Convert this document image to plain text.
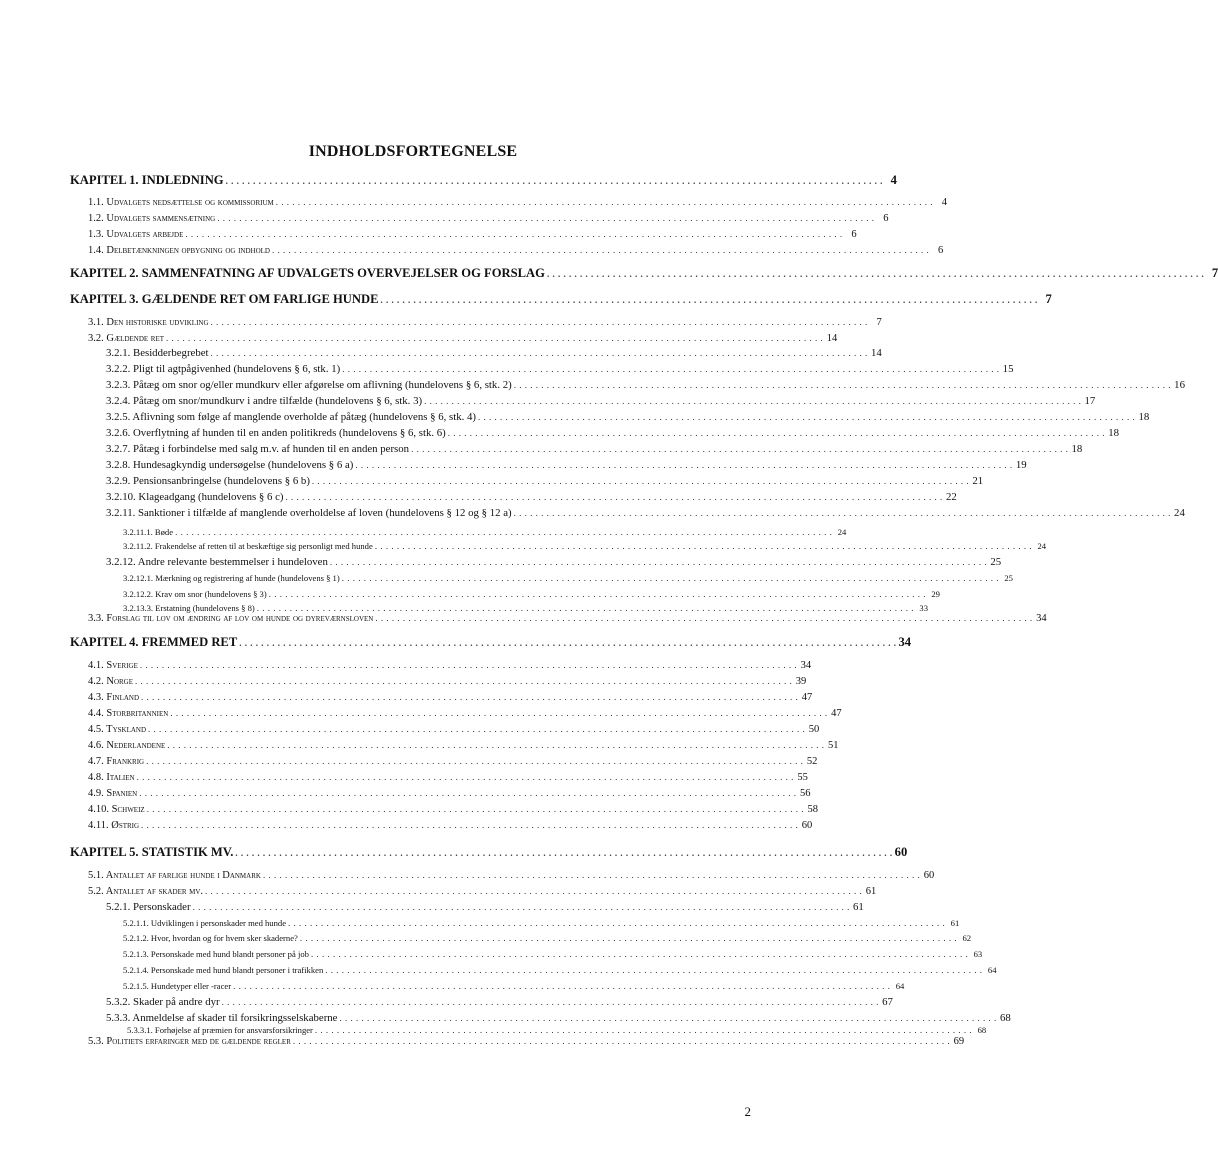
INDHOLDSFORTEGNELSE
KAPITEL 1. INDLEDNING . . . . . . . . . . . . . . . . . . . . . . . . . . . . . . . . . . . . . . . . . . . . . . . . . . . . . . . . . . . . . . . . . . . . . . . . . . . . . . . . . . . . . . . . . . . . . . . . . . . . . . . . . . . . . . . . . . . . . . . . 4
1.1. Udvalgets nedsættelse og kommissorium . . . . . . . . . . . . . . . . . . . . . . . . . . . . . . . . . . . . . . . . . . . . . . . . . . . . . . . . . . . . . . . . . . . . . . . . . . . . . . . . . . . . . . . . . . . . . . . . . . . . . . . . . . . . . . . . . . . . . . . . 4
1.2. Udvalgets sammensætning . . . . . . . . . . . . . . . . . . . . . . . . . . . . . . . . . . . . . . . . . . . . . . . . . . . . . . . . . . . . . . . . . . . . . . . . . . . . . . . . . . . . . . . . . . . . . . . . . . . . . . . . . . . . . . . . . . . . . . . . 6
1.3. Udvalgets arbejde . . . . . . . . . . . . . . . . . . . . . . . . . . . . . . . . . . . . . . . . . . . . . . . . . . . . . . . . . . . . . . . . . . . . . . . . . . . . . . . . . . . . . . . . . . . . . . . . . . . . . . . . . . . . . . . . . . . . . . . . 6
1.4. Delbetænkningen opbygning og indhold . . . . . . . . . . . . . . . . . . . . . . . . . . . . . . . . . . . . . . . . . . . . . . . . . . . . . . . . . . . . . . . . . . . . . . . . . . . . . . . . . . . . . . . . . . . . . . . . . . . . . . . . . . . . . . . . . . . . . . . . 6
KAPITEL 2. SAMMENFATNING AF UDVALGETS OVERVEJELSER OG FORSLAG . . . . . . . . . . . . . . . . . . . . . . . . . . . . . . . . . . . . . . . . . . . . . . . . . . . . . . . . . . . . . . . . . . . . . . . . . . . . . . . . . . . . . . . . . . . . . . . . . . . . . . . . . . . . . . . . . . . . . . . . 7
KAPITEL 3. GÆLDENDE RET OM FARLIGE HUNDE . . . . . . . . . . . . . . . . . . . . . . . . . . . . . . . . . . . . . . . . . . . . . . . . . . . . . . . . . . . . . . . . . . . . . . . . . . . . . . . . . . . . . . . . . . . . . . . . . . . . . . . . . . . . . . . . . . . . . . . . 7
3.1. Den historiske udvikling . . . . . . . . . . . . . . . . . . . . . . . . . . . . . . . . . . . . . . . . . . . . . . . . . . . . . . . . . . . . . . . . . . . . . . . . . . . . . . . . . . . . . . . . . . . . . . . . . . . . . . . . . . . . . . . . . . . . . . . . 7
3.2. Gældende ret . . . . . . . . . . . . . . . . . . . . . . . . . . . . . . . . . . . . . . . . . . . . . . . . . . . . . . . . . . . . . . . . . . . . . . . . . . . . . . . . . . . . . . . . . . . . . . . . . . . . . . . . . . . . . . . . . . . . . . . . 14
3.2.1. Besidderbegrebet . . . . . . . . . . . . . . . . . . . . . . . . . . . . . . . . . . . . . . . . . . . . . . . . . . . . . . . . . . . . . . . . . . . . . . . . . . . . . . . . . . . . . . . . . . . . . . . . . . . . . . . . . . . . . . . . . . . . . . . . 14
3.2.2. Pligt til agtpågivenhed (hundelovens § 6, stk. 1) . . . . . . . . . . . . . . . . . . . . . . . . . . . . . . . . . . . . . . . . . . . . . . . . . . . . . . . . . . . . . . . . . . . . . . . . . . . . . . . . . . . . . . . . . . . . . . . . . . . . . . . . . . . . . . . . . . . . . . . . 15
3.2.3. Påtæg om snor og/eller mundkurv eller afgørelse om aflivning (hundelovens § 6, stk. 2) . . . . . . . . . . . . . . . . . . . . . . . . . . . . . . . . . . . . . . . . . . . . . . . . . . . . . . . . . . . . . . . . . . . . . . . . . . . . . . . . . . . . . . . . . . . . . . . . . . . . . . . . . . . . . . . . . . . . . . . . 16
3.2.4. Påtæg om snor/mundkurv i andre tilfælde (hundelovens § 6, stk. 3) . . . . . . . . . . . . . . . . . . . . . . . . . . . . . . . . . . . . . . . . . . . . . . . . . . . . . . . . . . . . . . . . . . . . . . . . . . . . . . . . . . . . . . . . . . . . . . . . . . . . . . . . . . . . . . . . . . . . . . . . 17
3.2.5. Aflivning som følge af manglende overholde af påtæg (hundelovens § 6, stk. 4) . . . . . . . . . . . . . . . . . . . . . . . . . . . . . . . . . . . . . . . . . . . . . . . . . . . . . . . . . . . . . . . . . . . . . . . . . . . . . . . . . . . . . . . . . . . . . . . . . . . . . . . . . . . . . . . . . . . . . . . . 18
3.2.6. Overflytning af hunden til en anden politikreds (hundelovens § 6, stk. 6) . . . . . . . . . . . . . . . . . . . . . . . . . . . . . . . . . . . . . . . . . . . . . . . . . . . . . . . . . . . . . . . . . . . . . . . . . . . . . . . . . . . . . . . . . . . . . . . . . . . . . . . . . . . . . . . . . . . . . . . . 18
3.2.7. Påtæg i forbindelse med salg m.v. af hunden til en anden person . . . . . . . . . . . . . . . . . . . . . . . . . . . . . . . . . . . . . . . . . . . . . . . . . . . . . . . . . . . . . . . . . . . . . . . . . . . . . . . . . . . . . . . . . . . . . . . . . . . . . . . . . . . . . . . . . . . . . . . . 18
3.2.8. Hundesagkyndig undersøgelse (hundelovens § 6 a) . . . . . . . . . . . . . . . . . . . . . . . . . . . . . . . . . . . . . . . . . . . . . . . . . . . . . . . . . . . . . . . . . . . . . . . . . . . . . . . . . . . . . . . . . . . . . . . . . . . . . . . . . . . . . . . . . . . . . . . . 19
3.2.9. Pensionsanbringelse (hundelovens § 6 b) . . . . . . . . . . . . . . . . . . . . . . . . . . . . . . . . . . . . . . . . . . . . . . . . . . . . . . . . . . . . . . . . . . . . . . . . . . . . . . . . . . . . . . . . . . . . . . . . . . . . . . . . . . . . . . . . . . . . . . . . 21
3.2.10. Klageadgang (hundelovens § 6 c) . . . . . . . . . . . . . . . . . . . . . . . . . . . . . . . . . . . . . . . . . . . . . . . . . . . . . . . . . . . . . . . . . . . . . . . . . . . . . . . . . . . . . . . . . . . . . . . . . . . . . . . . . . . . . . . . . . . . . . . . 22
3.2.11. Sanktioner i tilfælde af manglende overholdelse af loven (hundelovens § 12 og § 12 a) . . . . . . . . . . . . . . . . . . . . . . . . . . . . . . . . . . . . . . . . . . . . . . . . . . . . . . . . . . . . . . . . . . . . . . . . . . . . . . . . . . . . . . . . . . . . . . . . . . . . . . . . . . . . . . . . . . . . . . . . 24
3.2.11.1. Bøde . . . . . . . . . . . . . . . . . . . . . . . . . . . . . . . . . . . . . . . . . . . . . . . . . . . . . . . . . . . . . . . . . . . . . . . . . . . . . . . . . . . . . . . . . . . . . . . . . . . . . . . . . . . . . . . . . . . . . . . . 24
3.2.11.2. Frakendelse af retten til at beskæftige sig personligt med hunde . . . . . . . . . . . . . . . . . . . . . . . . . . . . . . . . . . . . . . . . . . . . . . . . . . . . . . . . . . . . . . . . . . . . . . . . . . . . . . . . . . . . . . . . . . . . . . . . . . . . . . . . . . . . . . . . . . . . . . . . 24
3.2.12. Andre relevante bestemmelser i hundeloven . . . . . . . . . . . . . . . . . . . . . . . . . . . . . . . . . . . . . . . . . . . . . . . . . . . . . . . . . . . . . . . . . . . . . . . . . . . . . . . . . . . . . . . . . . . . . . . . . . . . . . . . . . . . . . . . . . . . . . . . 25
3.2.12.1. Mærkning og registrering af hunde (hundelovens § 1) . . . . . . . . . . . . . . . . . . . . . . . . . . . . . . . . . . . . . . . . . . . . . . . . . . . . . . . . . . . . . . . . . . . . . . . . . . . . . . . . . . . . . . . . . . . . . . . . . . . . . . . . . . . . . . . . . . . . . . . . 25
3.2.12.2. Krav om snor (hundelovens § 3) . . . . . . . . . . . . . . . . . . . . . . . . . . . . . . . . . . . . . . . . . . . . . . . . . . . . . . . . . . . . . . . . . . . . . . . . . . . . . . . . . . . . . . . . . . . . . . . . . . . . . . . . . . . . . . . . . . . . . . . . 29
3.2.13.3. Erstatning (hundelovens § 8) . . . . . . . . . . . . . . . . . . . . . . . . . . . . . . . . . . . . . . . . . . . . . . . . . . . . . . . . . . . . . . . . . . . . . . . . . . . . . . . . . . . . . . . . . . . . . . . . . . . . . . . . . . . . . . . . . . . . . . . . 33
3.3. Forslag til lov om ændring af lov om hunde og dyreværnsloven . . . . . . . . . . . . . . . . . . . . . . . . . . . . . . . . . . . . . . . . . . . . . . . . . . . . . . . . . . . . . . . . . . . . . . . . . . . . . . . . . . . . . . . . . . . . . . . . . . . . . . . . . . . . . . . . . . . . . . . . 34
KAPITEL 4. FREMMED RET . . . . . . . . . . . . . . . . . . . . . . . . . . . . . . . . . . . . . . . . . . . . . . . . . . . . . . . . . . . . . . . . . . . . . . . . . . . . . . . . . . . . . . . . . . . . . . . . . . . . . . . . . . . . . . . . . . . . . . . . 34
4.1. Sverige . . . . . . . . . . . . . . . . . . . . . . . . . . . . . . . . . . . . . . . . . . . . . . . . . . . . . . . . . . . . . . . . . . . . . . . . . . . . . . . . . . . . . . . . . . . . . . . . . . . . . . . . . . . . . . . . . . . . . . . . 34
4.2. Norge . . . . . . . . . . . . . . . . . . . . . . . . . . . . . . . . . . . . . . . . . . . . . . . . . . . . . . . . . . . . . . . . . . . . . . . . . . . . . . . . . . . . . . . . . . . . . . . . . . . . . . . . . . . . . . . . . . . . . . . . 39
4.3. Finland . . . . . . . . . . . . . . . . . . . . . . . . . . . . . . . . . . . . . . . . . . . . . . . . . . . . . . . . . . . . . . . . . . . . . . . . . . . . . . . . . . . . . . . . . . . . . . . . . . . . . . . . . . . . . . . . . . . . . . . . 47
4.4. Storbritannien . . . . . . . . . . . . . . . . . . . . . . . . . . . . . . . . . . . . . . . . . . . . . . . . . . . . . . . . . . . . . . . . . . . . . . . . . . . . . . . . . . . . . . . . . . . . . . . . . . . . . . . . . . . . . . . . . . . . . . . . 47
4.5. Tyskland . . . . . . . . . . . . . . . . . . . . . . . . . . . . . . . . . . . . . . . . . . . . . . . . . . . . . . . . . . . . . . . . . . . . . . . . . . . . . . . . . . . . . . . . . . . . . . . . . . . . . . . . . . . . . . . . . . . . . . . . 50
4.6. Nederlandene . . . . . . . . . . . . . . . . . . . . . . . . . . . . . . . . . . . . . . . . . . . . . . . . . . . . . . . . . . . . . . . . . . . . . . . . . . . . . . . . . . . . . . . . . . . . . . . . . . . . . . . . . . . . . . . . . . . . . . . . 51
4.7. Frankrig . . . . . . . . . . . . . . . . . . . . . . . . . . . . . . . . . . . . . . . . . . . . . . . . . . . . . . . . . . . . . . . . . . . . . . . . . . . . . . . . . . . . . . . . . . . . . . . . . . . . . . . . . . . . . . . . . . . . . . . . 52
4.8. Italien . . . . . . . . . . . . . . . . . . . . . . . . . . . . . . . . . . . . . . . . . . . . . . . . . . . . . . . . . . . . . . . . . . . . . . . . . . . . . . . . . . . . . . . . . . . . . . . . . . . . . . . . . . . . . . . . . . . . . . . . 55
4.9. Spanien . . . . . . . . . . . . . . . . . . . . . . . . . . . . . . . . . . . . . . . . . . . . . . . . . . . . . . . . . . . . . . . . . . . . . . . . . . . . . . . . . . . . . . . . . . . . . . . . . . . . . . . . . . . . . . . . . . . . . . . . 56
4.10. Schweiz . . . . . . . . . . . . . . . . . . . . . . . . . . . . . . . . . . . . . . . . . . . . . . . . . . . . . . . . . . . . . . . . . . . . . . . . . . . . . . . . . . . . . . . . . . . . . . . . . . . . . . . . . . . . . . . . . . . . . . . . 58
4.11. Østrig . . . . . . . . . . . . . . . . . . . . . . . . . . . . . . . . . . . . . . . . . . . . . . . . . . . . . . . . . . . . . . . . . . . . . . . . . . . . . . . . . . . . . . . . . . . . . . . . . . . . . . . . . . . . . . . . . . . . . . . . 60
KAPITEL 5. STATISTIK MV. . . . . . . . . . . . . . . . . . . . . . . . . . . . . . . . . . . . . . . . . . . . . . . . . . . . . . . . . . . . . . . . . . . . . . . . . . . . . . . . . . . . . . . . . . . . . . . . . . . . . . . . . . . . . . . . . . . . . . . . . 60
5.1. Antallet af farlige hunde i Danmark . . . . . . . . . . . . . . . . . . . . . . . . . . . . . . . . . . . . . . . . . . . . . . . . . . . . . . . . . . . . . . . . . . . . . . . . . . . . . . . . . . . . . . . . . . . . . . . . . . . . . . . . . . . . . . . . . . . . . . . . 60
5.2. Antallet af skader mv. . . . . . . . . . . . . . . . . . . . . . . . . . . . . . . . . . . . . . . . . . . . . . . . . . . . . . . . . . . . . . . . . . . . . . . . . . . . . . . . . . . . . . . . . . . . . . . . . . . . . . . . . . . . . . . . . . . . . . . . . 61
5.2.1. Personskader . . . . . . . . . . . . . . . . . . . . . . . . . . . . . . . . . . . . . . . . . . . . . . . . . . . . . . . . . . . . . . . . . . . . . . . . . . . . . . . . . . . . . . . . . . . . . . . . . . . . . . . . . . . . . . . . . . . . . . . . 61
5.2.1.1. Udviklingen i personskader med hunde . . . . . . . . . . . . . . . . . . . . . . . . . . . . . . . . . . . . . . . . . . . . . . . . . . . . . . . . . . . . . . . . . . . . . . . . . . . . . . . . . . . . . . . . . . . . . . . . . . . . . . . . . . . . . . . . . . . . . . . . 61
5.2.1.2. Hvor, hvordan og for hvem sker skaderne? . . . . . . . . . . . . . . . . . . . . . . . . . . . . . . . . . . . . . . . . . . . . . . . . . . . . . . . . . . . . . . . . . . . . . . . . . . . . . . . . . . . . . . . . . . . . . . . . . . . . . . . . . . . . . . . . . . . . . . . . 62
5.2.1.3. Personskade med hund blandt personer på job . . . . . . . . . . . . . . . . . . . . . . . . . . . . . . . . . . . . . . . . . . . . . . . . . . . . . . . . . . . . . . . . . . . . . . . . . . . . . . . . . . . . . . . . . . . . . . . . . . . . . . . . . . . . . . . . . . . . . . . . 63
5.2.1.4. Personskade med hund blandt personer i trafikken . . . . . . . . . . . . . . . . . . . . . . . . . . . . . . . . . . . . . . . . . . . . . . . . . . . . . . . . . . . . . . . . . . . . . . . . . . . . . . . . . . . . . . . . . . . . . . . . . . . . . . . . . . . . . . . . . . . . . . . . 64
5.2.1.5. Hundetyper eller -racer . . . . . . . . . . . . . . . . . . . . . . . . . . . . . . . . . . . . . . . . . . . . . . . . . . . . . . . . . . . . . . . . . . . . . . . . . . . . . . . . . . . . . . . . . . . . . . . . . . . . . . . . . . . . . . . . . . . . . . . . 64
5.3.2. Skader på andre dyr . . . . . . . . . . . . . . . . . . . . . . . . . . . . . . . . . . . . . . . . . . . . . . . . . . . . . . . . . . . . . . . . . . . . . . . . . . . . . . . . . . . . . . . . . . . . . . . . . . . . . . . . . . . . . . . . . . . . . . . . 67
5.3.3. Anmeldelse af skader til forsikringsselskaberne . . . . . . . . . . . . . . . . . . . . . . . . . . . . . . . . . . . . . . . . . . . . . . . . . . . . . . . . . . . . . . . . . . . . . . . . . . . . . . . . . . . . . . . . . . . . . . . . . . . . . . . . . . . . . . . . . . . . . . . . 68
5.3.3.1. Forhøjelse af præmien for ansvarsforsikringer . . . . . . . . . . . . . . . . . . . . . . . . . . . . . . . . . . . . . . . . . . . . . . . . . . . . . . . . . . . . . . . . . . . . . . . . . . . . . . . . . . . . . . . . . . . . . . . . . . . . . . . . . . . . . . . . . . . . . . . . 68
5.3. Politiets erfaringer med de gældende regler . . . . . . . . . . . . . . . . . . . . . . . . . . . . . . . . . . . . . . . . . . . . . . . . . . . . . . . . . . . . . . . . . . . . . . . . . . . . . . . . . . . . . . . . . . . . . . . . . . . . . . . . . . . . . . . . . . . . . . . . 69
2
